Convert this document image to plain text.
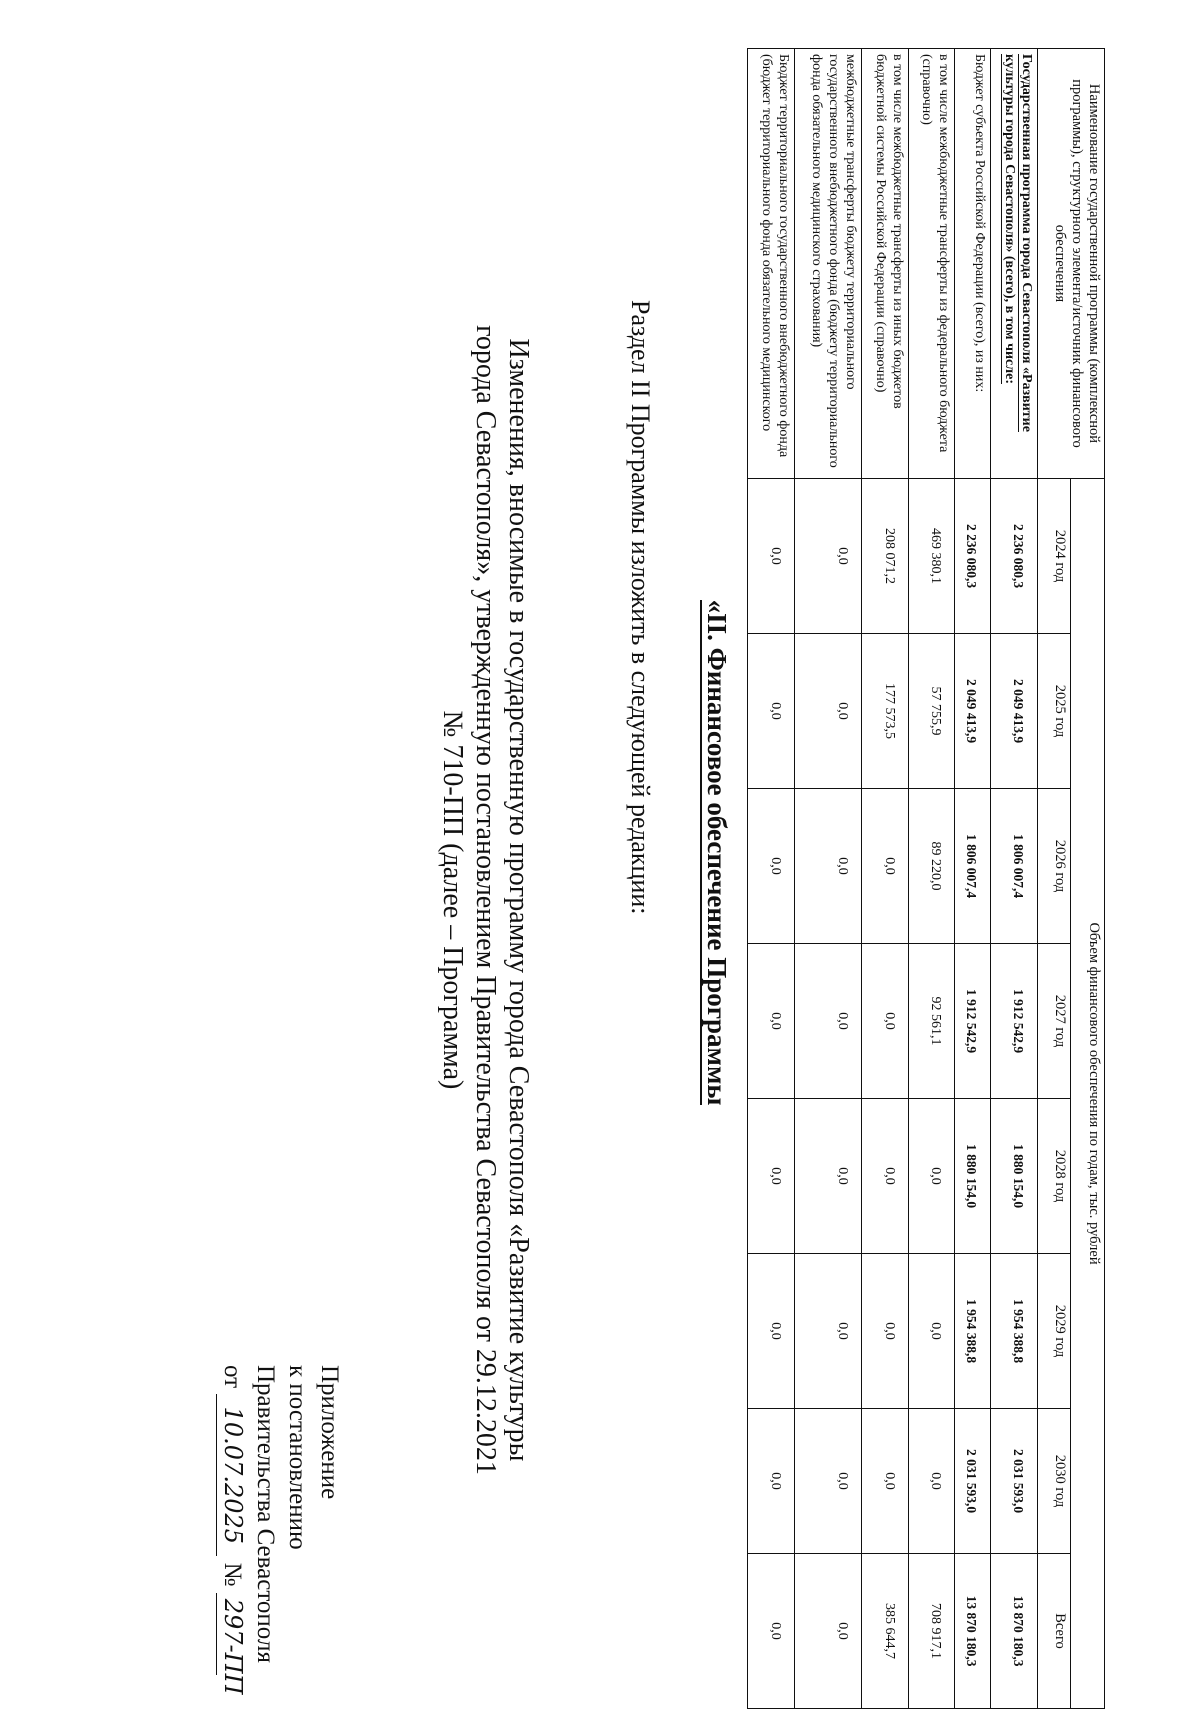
Приложение
к постановлению
Правительства Севастополя
от 10.07.2025 № 297-ПП
Изменения, вносимые в государственную программу города Севастополя «Развитие культуры
города Севастополя», утвержденную постановлением Правительства Севастополя от 29.12.2021
№ 710-ПП (далее – Программа)	Раздел II Программы изложить в следующей редакции: «II. Финансовое обеспечение Программы
Наименование государственной программы (комплексной программы), структурного элемента/источник финансового обеспечения	Объем финансового обеспечения по годам, тыс. рублей							
	2024 год	2025 год	2026 год	2027 год	2028 год	2029 год	2030 год	Всего
Государственная программа города Севастополя «Развитие культуры города Севастополя» (всего), в том числе:	2 236 080,3	2 049 413,9	1 806 007,4	1 912 542,9	1 880 154,0	1 954 388,8	2 031 593,0	13 870 180,3
Бюджет субъекта Российской Федерации (всего), из них:	2 236 080,3	2 049 413,9	1 806 007,4	1 912 542,9	1 880 154,0	1 954 388,8	2 031 593,0	13 870 180,3
в том числе межбюджетные трансферты из федерального бюджета (справочно)	469 380,1	57 755,9	89 220,0	92 561,1	0,0	0,0	0,0	708 917,1
в том числе межбюджетные трансферты из иных бюджетов бюджетной системы Российской Федерации (справочно)	208 071,2	177 573,5	0,0	0,0	0,0	0,0	0,0	385 644,7
межбюджетные трансферты бюджету территориального государственного внебюджетного фонда (бюджету территориального фонда обязательного медицинского страхования)	0,0	0,0	0,0	0,0	0,0	0,0	0,0	0,0
Бюджет территориального государственного внебюджетного фонда (бюджет территориального фонда обязательного медицинского	0,0	0,0	0,0	0,0	0,0	0,0	0,0	0,0
